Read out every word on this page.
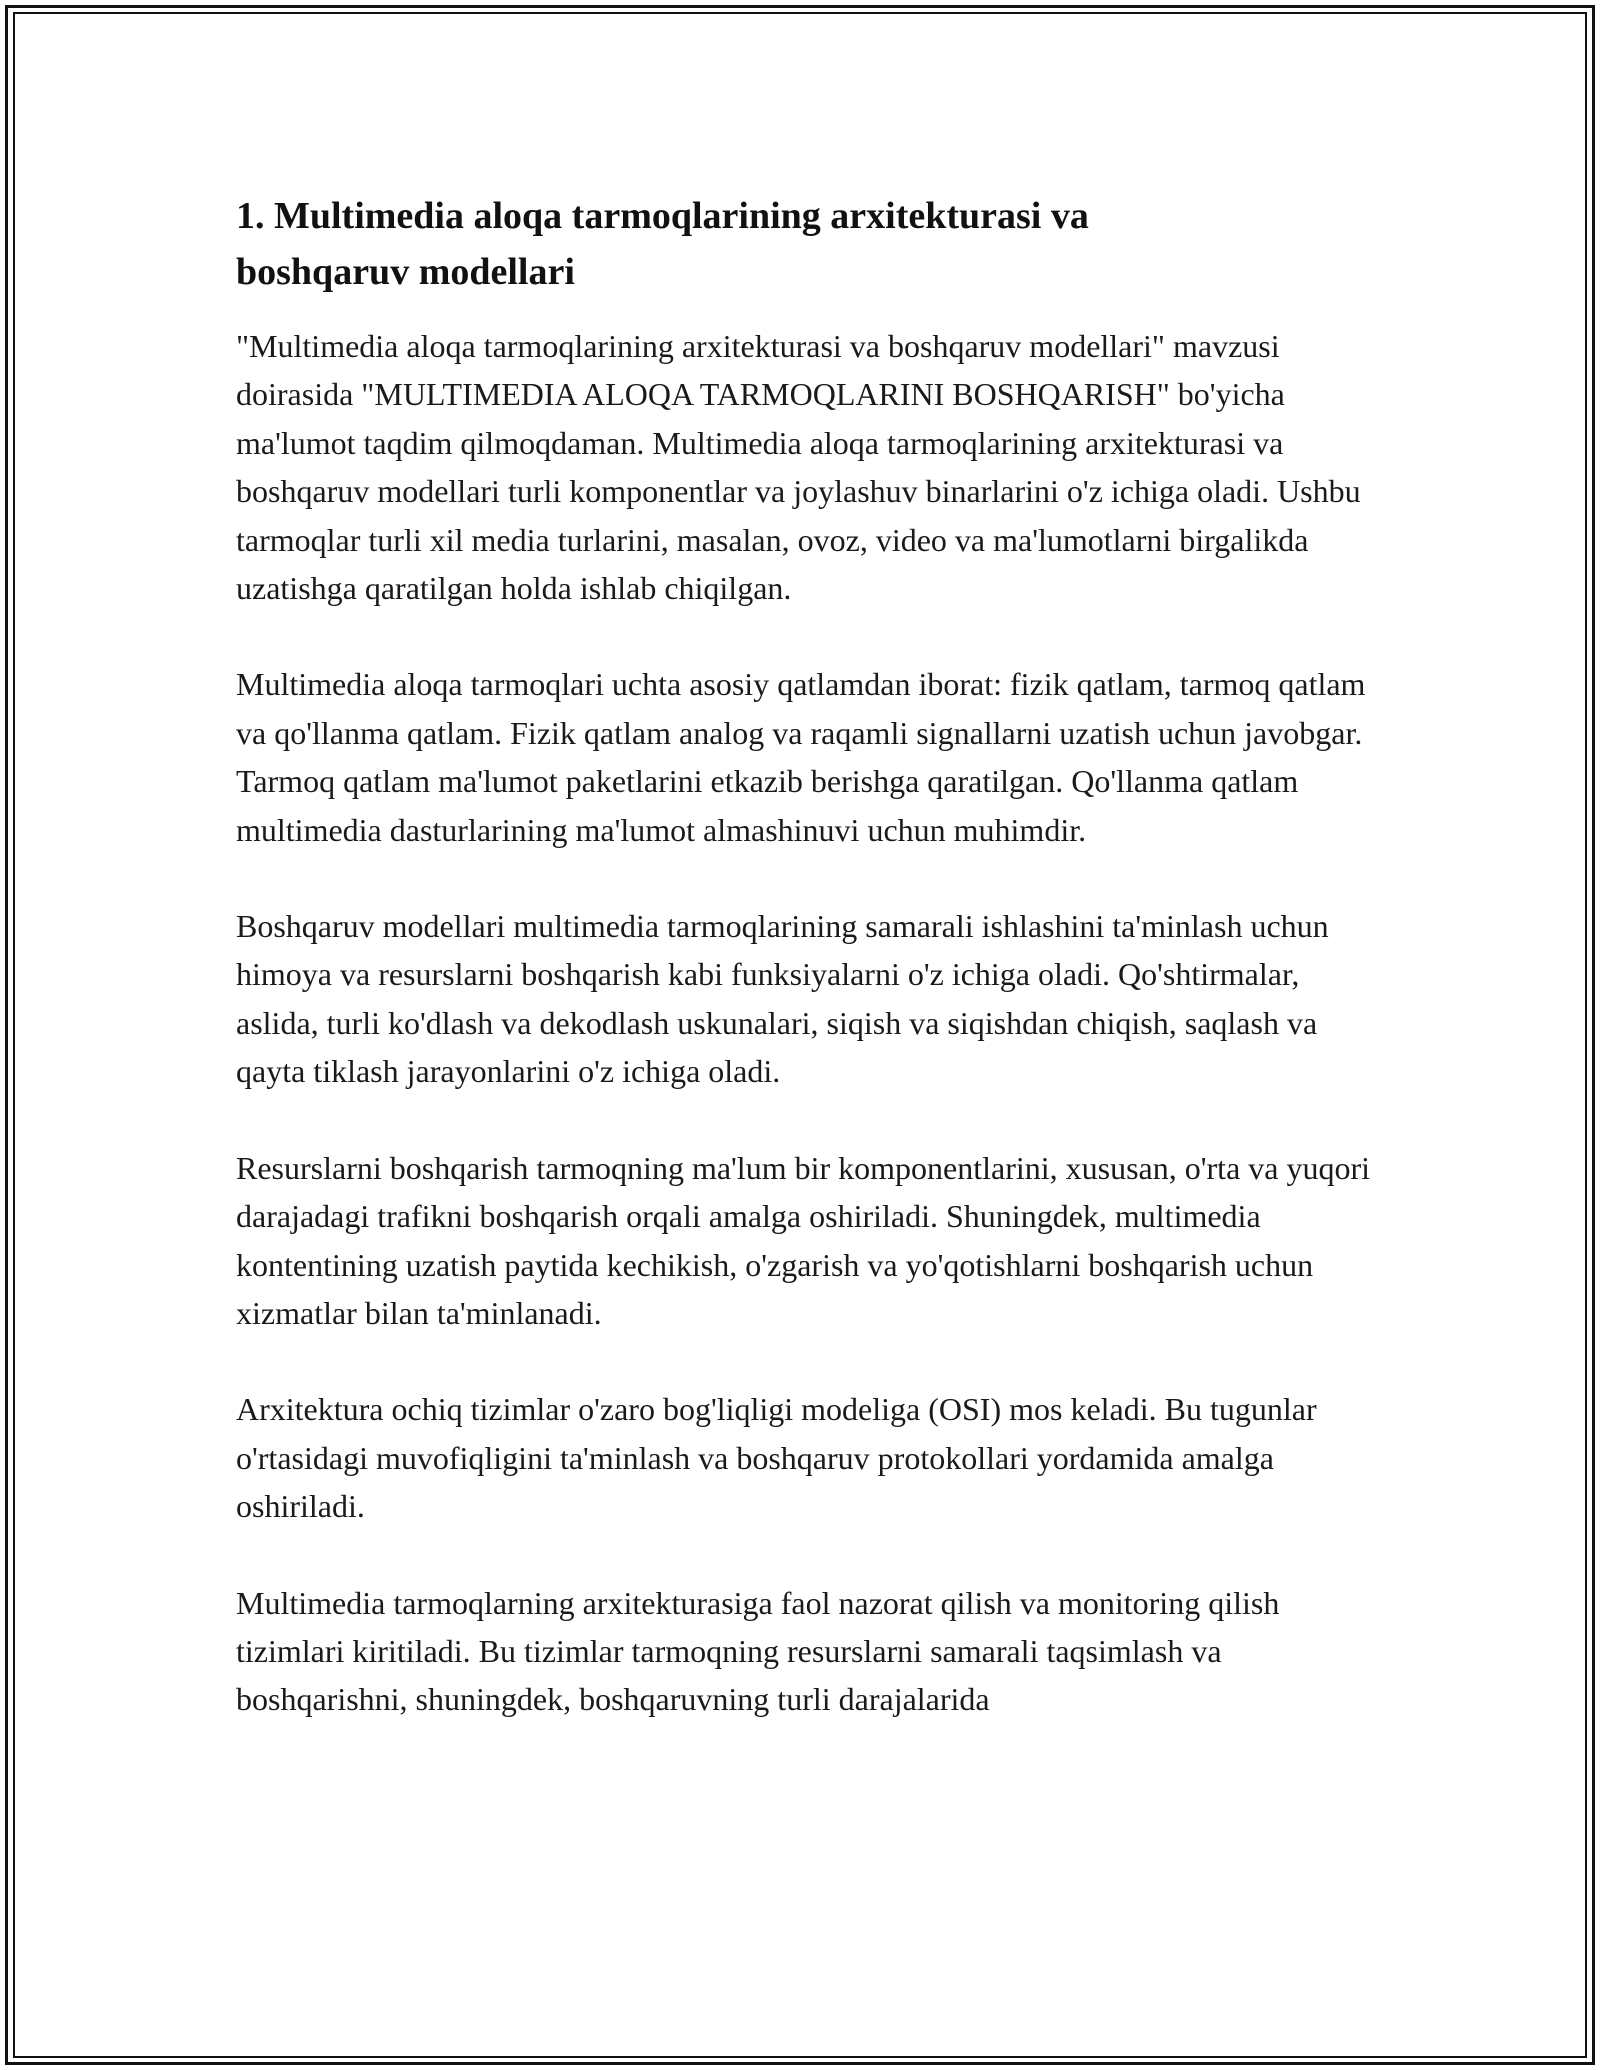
1. Multimedia aloqa tarmoqlarining arxitekturasi va boshqaruv modellari

"Multimedia aloqa tarmoqlarining arxitekturasi va boshqaruv modellari" mavzusi doirasida "MULTIMEDIA ALOQA TARMOQLARINI BOSHQARISH" bo'yicha ma'lumot taqdim qilmoqdaman. Multimedia aloqa tarmoqlarining arxitekturasi va boshqaruv modellari turli komponentlar va joylashuv binarlarini o'z ichiga oladi. Ushbu tarmoqlar turli xil media turlarini, masalan, ovoz, video va ma'lumotlarni birgalikda uzatishga qaratilgan holda ishlab chiqilgan.

Multimedia aloqa tarmoqlari uchta asosiy qatlamdan iborat: fizik qatlam, tarmoq qatlam va qo'llanma qatlam. Fizik qatlam analog va raqamli signallarni uzatish uchun javobgar. Tarmoq qatlam ma'lumot paketlarini etkazib berishga qaratilgan. Qo'llanma qatlam multimedia dasturlarining ma'lumot almashinuvi uchun muhimdir.

Boshqaruv modellari multimedia tarmoqlarining samarali ishlashini ta'minlash uchun himoya va resurslarni boshqarish kabi funksiyalarni o'z ichiga oladi. Qo'shtirmalar, aslida, turli ko'dlash va dekodlash uskunalari, siqish va siqishdan chiqish, saqlash va qayta tiklash jarayonlarini o'z ichiga oladi.

Resurslarni boshqarish tarmoqning ma'lum bir komponentlarini, xususan, o'rta va yuqori darajadagi trafikni boshqarish orqali amalga oshiriladi. Shuningdek, multimedia kontentining uzatish paytida kechikish, o'zgarish va yo'qotishlarni boshqarish uchun xizmatlar bilan ta'minlanadi.

Arxitektura ochiq tizimlar o'zaro bog'liqligi modeliga (OSI) mos keladi. Bu tugunlar o'rtasidagi muvofiqligini ta'minlash va boshqaruv protokollari yordamida amalga oshiriladi.

Multimedia tarmoqlarning arxitekturasiga faol nazorat qilish va monitoring qilish tizimlari kiritiladi. Bu tizimlar tarmoqning resurslarni samarali taqsimlash va boshqarishni, shuningdek, boshqaruvning turli darajalarida
